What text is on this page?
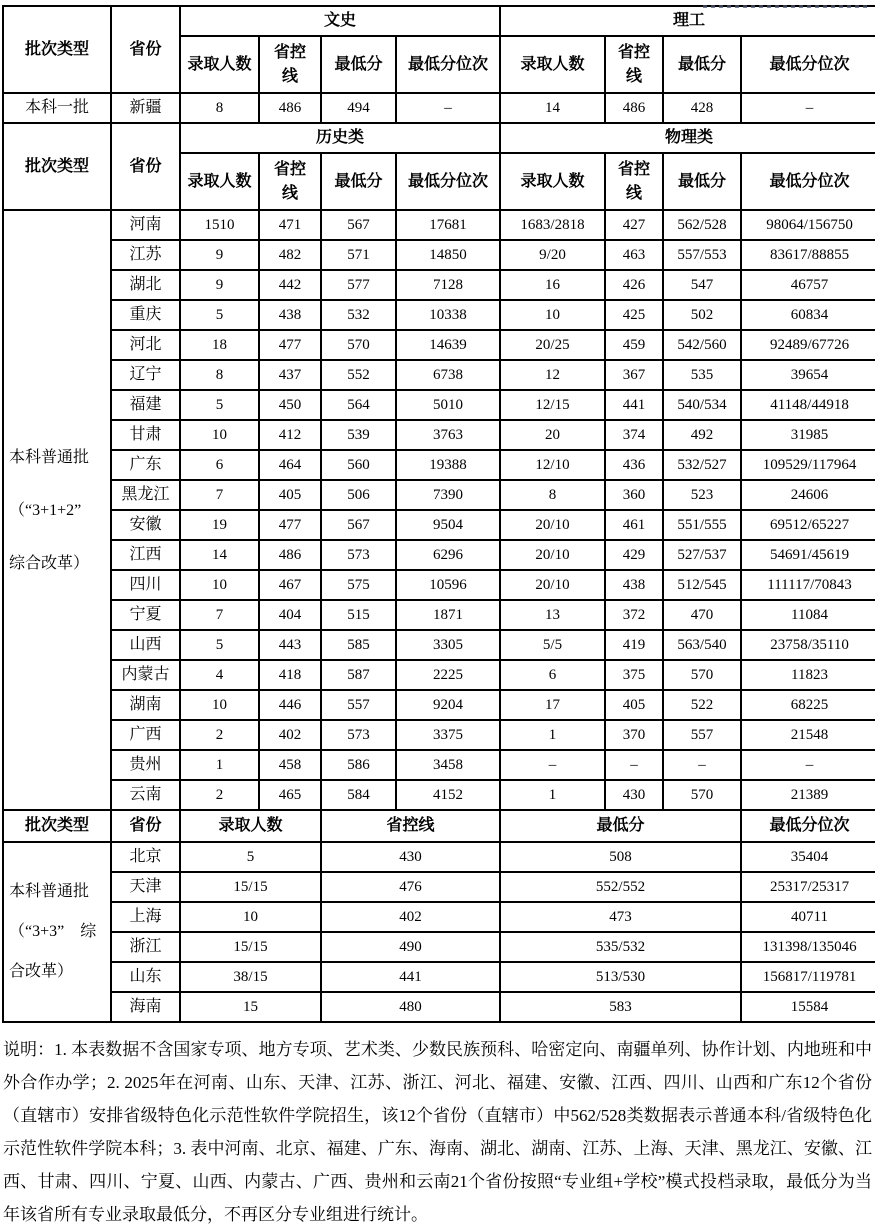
批次类型	省份	文史				理工			
		录取人数	省控线	最低分	最低分位次	录取人数	省控线	最低分	最低分位次

本科一批	新疆	8	486	494	–	14	486	428	–
批次类型	省份	历史类				物理类			
		录取人数	省控线	最低分	最低分位次	录取人数	省控线	最低分	最低分位次

本科普通批
（“3+1+2”
综合改革）	河南	1510	471	567	17681	1683/2818	427	562/528	98064/156750
	江苏	9	482	571	14850	9/20	463	557/553	83617/88855
	湖北	9	442	577	7128	16	426	547	46757
	重庆	5	438	532	10338	10	425	502	60834
	河北	18	477	570	14639	20/25	459	542/560	92489/67726
	辽宁	8	437	552	6738	12	367	535	39654
	福建	5	450	564	5010	12/15	441	540/534	41148/44918
	甘肃	10	412	539	3763	20	374	492	31985
	广东	6	464	560	19388	12/10	436	532/527	109529/117964
	黑龙江	7	405	506	7390	8	360	523	24606
	安徽	19	477	567	9504	20/10	461	551/555	69512/65227
	江西	14	486	573	6296	20/10	429	527/537	54691/45619
	四川	10	467	575	10596	20/10	438	512/545	111117/70843
	宁夏	7	404	515	1871	13	372	470	11084
	山西	5	443	585	3305	5/5	419	563/540	23758/35110
	内蒙古	4	418	587	2225	6	375	570	11823
	湖南	10	446	557	9204	17	405	522	68225
	广西	2	402	573	3375	1	370	557	21548
	贵州	1	458	586	3458	–	–	–	–
	云南	2	465	584	4152	1	430	570	21389
批次类型	省份	录取人数		省控线		最低分			最低分位次

本科普通批
（“3+3”　综
合改革）	北京	5		430		508			35404
	天津	15/15		476		552/552			25317/25317
	上海	10		402		473			40711
	浙江	15/15		490		535/532			131398/135046
	山东	38/15		441		513/530			156817/119781
	海南	15		480		583			15584
说明：1. 本表数据不含国家专项、地方专项、艺术类、少数民族预科、哈密定向、南疆单列、协作计划、内地班和中外合作办学；2. 2025年在河南、山东、天津、江苏、浙江、河北、福建、安徽、江西、四川、山西和广东12个省份（直辖市）安排省级特色化示范性软件学院招生，该12个省份（直辖市）中562/528类数据表示普通本科/省级特色化示范性软件学院本科；3. 表中河南、北京、福建、广东、海南、湖北、湖南、江苏、上海、天津、黑龙江、安徽、江西、甘肃、四川、宁夏、山西、内蒙古、广西、贵州和云南21个省份按照“专业组+学校”模式投档录取，最低分为当年该省所有专业录取最低分，不再区分专业组进行统计。
